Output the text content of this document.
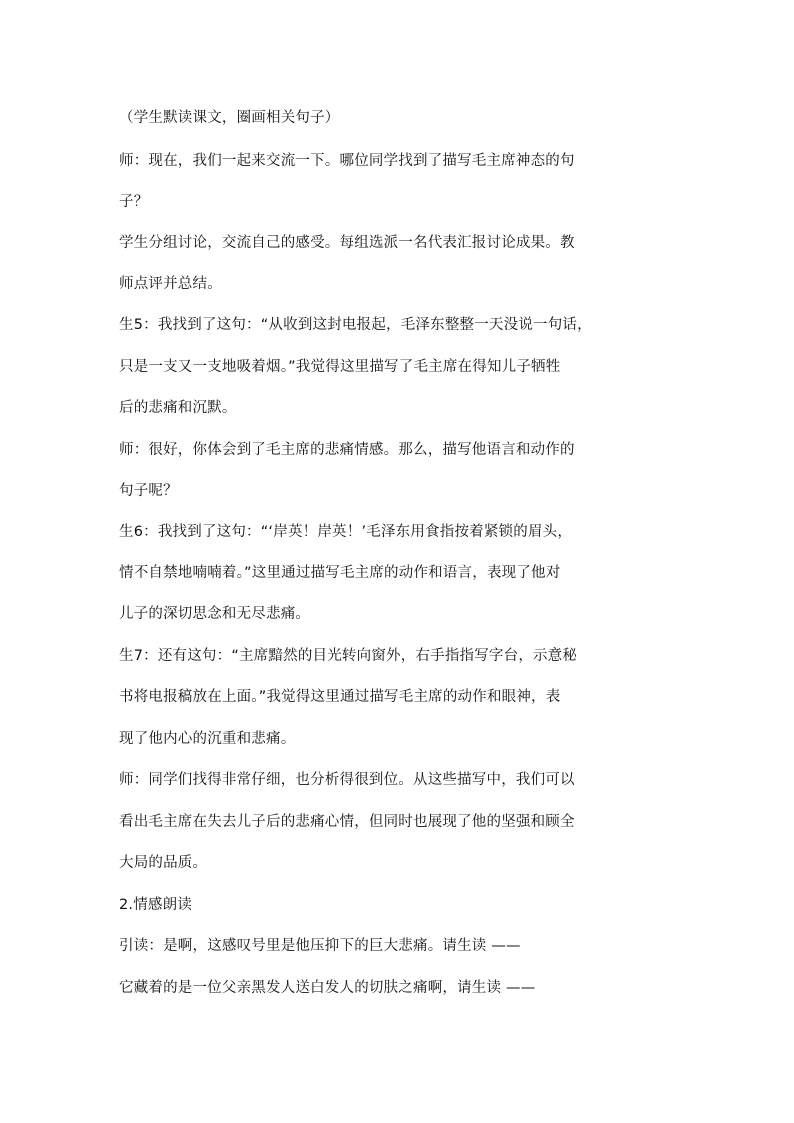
（学生默读课文，圈画相关句子）
师：现在，我们一起来交流一下。哪位同学找到了描写毛主席神态的句
子？
学生分组讨论，交流自己的感受。每组选派一名代表汇报讨论成果。教
师点评并总结。
生5：我找到了这句：“从收到这封电报起，毛泽东整整一天没说一句话，
只是一支又一支地吸着烟。”我觉得这里描写了毛主席在得知儿子牺牲
后的悲痛和沉默。
师：很好，你体会到了毛主席的悲痛情感。那么，描写他语言和动作的
句子呢？
生6：我找到了这句：“‘岸英！岸英！’毛泽东用食指按着紧锁的眉头，
情不自禁地喃喃着。”这里通过描写毛主席的动作和语言，表现了他对
儿子的深切思念和无尽悲痛。
生7：还有这句：“主席黯然的目光转向窗外，右手指指写字台，示意秘
书将电报稿放在上面。”我觉得这里通过描写毛主席的动作和眼神，表
现了他内心的沉重和悲痛。
师：同学们找得非常仔细，也分析得很到位。从这些描写中，我们可以
看出毛主席在失去儿子后的悲痛心情，但同时也展现了他的坚强和顾全
大局的品质。
2.情感朗读
引读：是啊，这感叹号里是他压抑下的巨大悲痛。请生读 ——
它藏着的是一位父亲黑发人送白发人的切肤之痛啊，请生读 ——
